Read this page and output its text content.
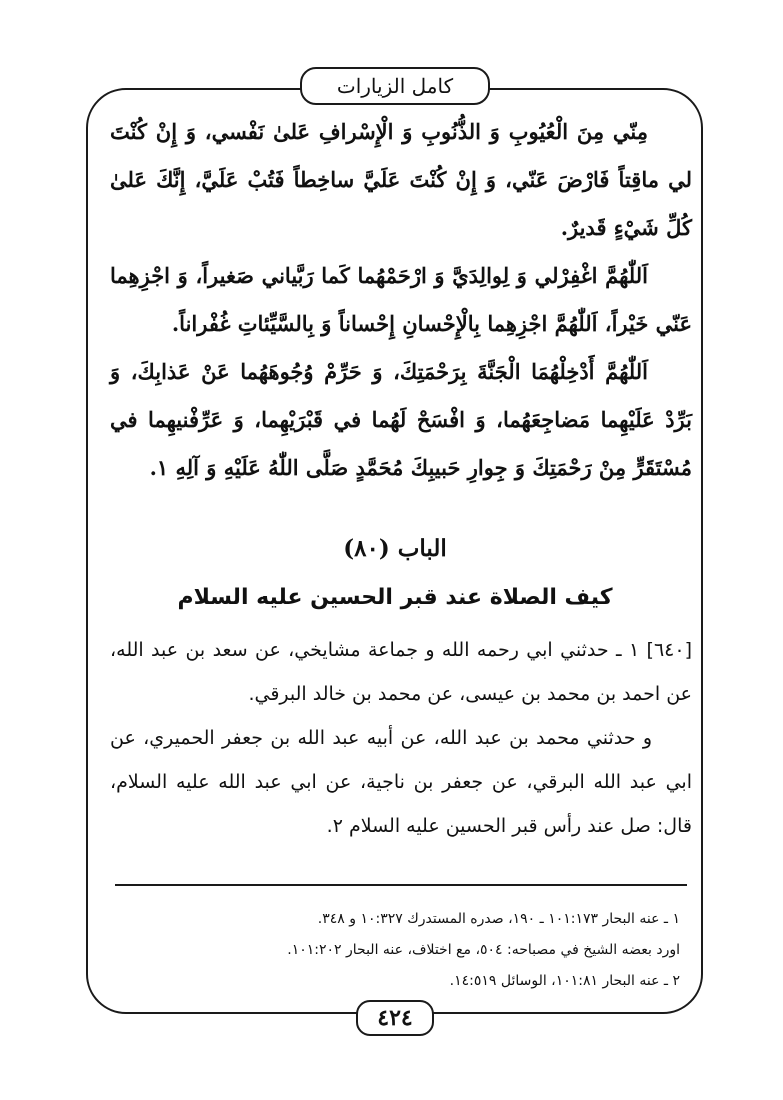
كامل الزيارات

مِنّي مِنَ الْعُيُوبِ وَ الذُّنُوبِ وَ الْإِسْرافِ عَلىٰ نَفْسي، وَ إِنْ كُنْتَ لي ماقِتاً فَارْضَ عَنّي، وَ إِنْ كُنْتَ عَلَيَّ ساخِطاً فَتُبْ عَلَيَّ، إِنَّكَ عَلىٰ كُلِّ شَيْءٍ قَديرٌ.

اَللّٰهُمَّ اغْفِرْلي وَ لِوالِدَيَّ وَ ارْحَمْهُما كَما رَبَّياني صَغيراً، وَ اجْزِهِما عَنّي خَيْراً، اَللّٰهُمَّ اجْزِهِما بِالْإِحْسانِ إِحْساناً وَ بِالسَّيِّئاتِ غُفْراناً.

اَللّٰهُمَّ أَدْخِلْهُمَا الْجَنَّةَ بِرَحْمَتِكَ، وَ حَرِّمْ وُجُوهَهُما عَنْ عَذابِكَ، وَ بَرِّدْ عَلَيْهِما مَضاجِعَهُما، وَ افْسَحْ لَهُما في قَبْرَيْهِما، وَ عَرِّفْنيهِما في مُسْتَقَرٍّ مِنْ رَحْمَتِكَ وَ جِوارِ حَبيبِكَ مُحَمَّدٍ صَلَّى اللّٰهُ عَلَيْهِ وَ آلِهِ ١.

الباب (٨٠)
كيف الصلاة عند قبر الحسين عليه السلام

[٦٤٠] ١ ـ حدثني ابي رحمه الله و جماعة مشايخي، عن سعد بن عبد الله، عن احمد بن محمد بن عيسى، عن محمد بن خالد البرقي.

و حدثني محمد بن عبد الله، عن أبيه عبد الله بن جعفر الحميري، عن ابي عبد الله البرقي، عن جعفر بن ناجية، عن ابي عبد الله عليه السلام، قال: صل عند رأس قبر الحسين عليه السلام ٢.

١ ـ عنه البحار ١٠١:١٧٣ ـ ١٩٠، صدره المستدرك ١٠:٣٢٧ و ٣٤٨.

اورد بعضه الشيخ في مصباحه: ٥٠٤، مع اختلاف، عنه البحار ١٠١:٢٠٢.

٢ ـ عنه البحار ١٠١:٨١، الوسائل ١٤:٥١٩.

٤٢٤
